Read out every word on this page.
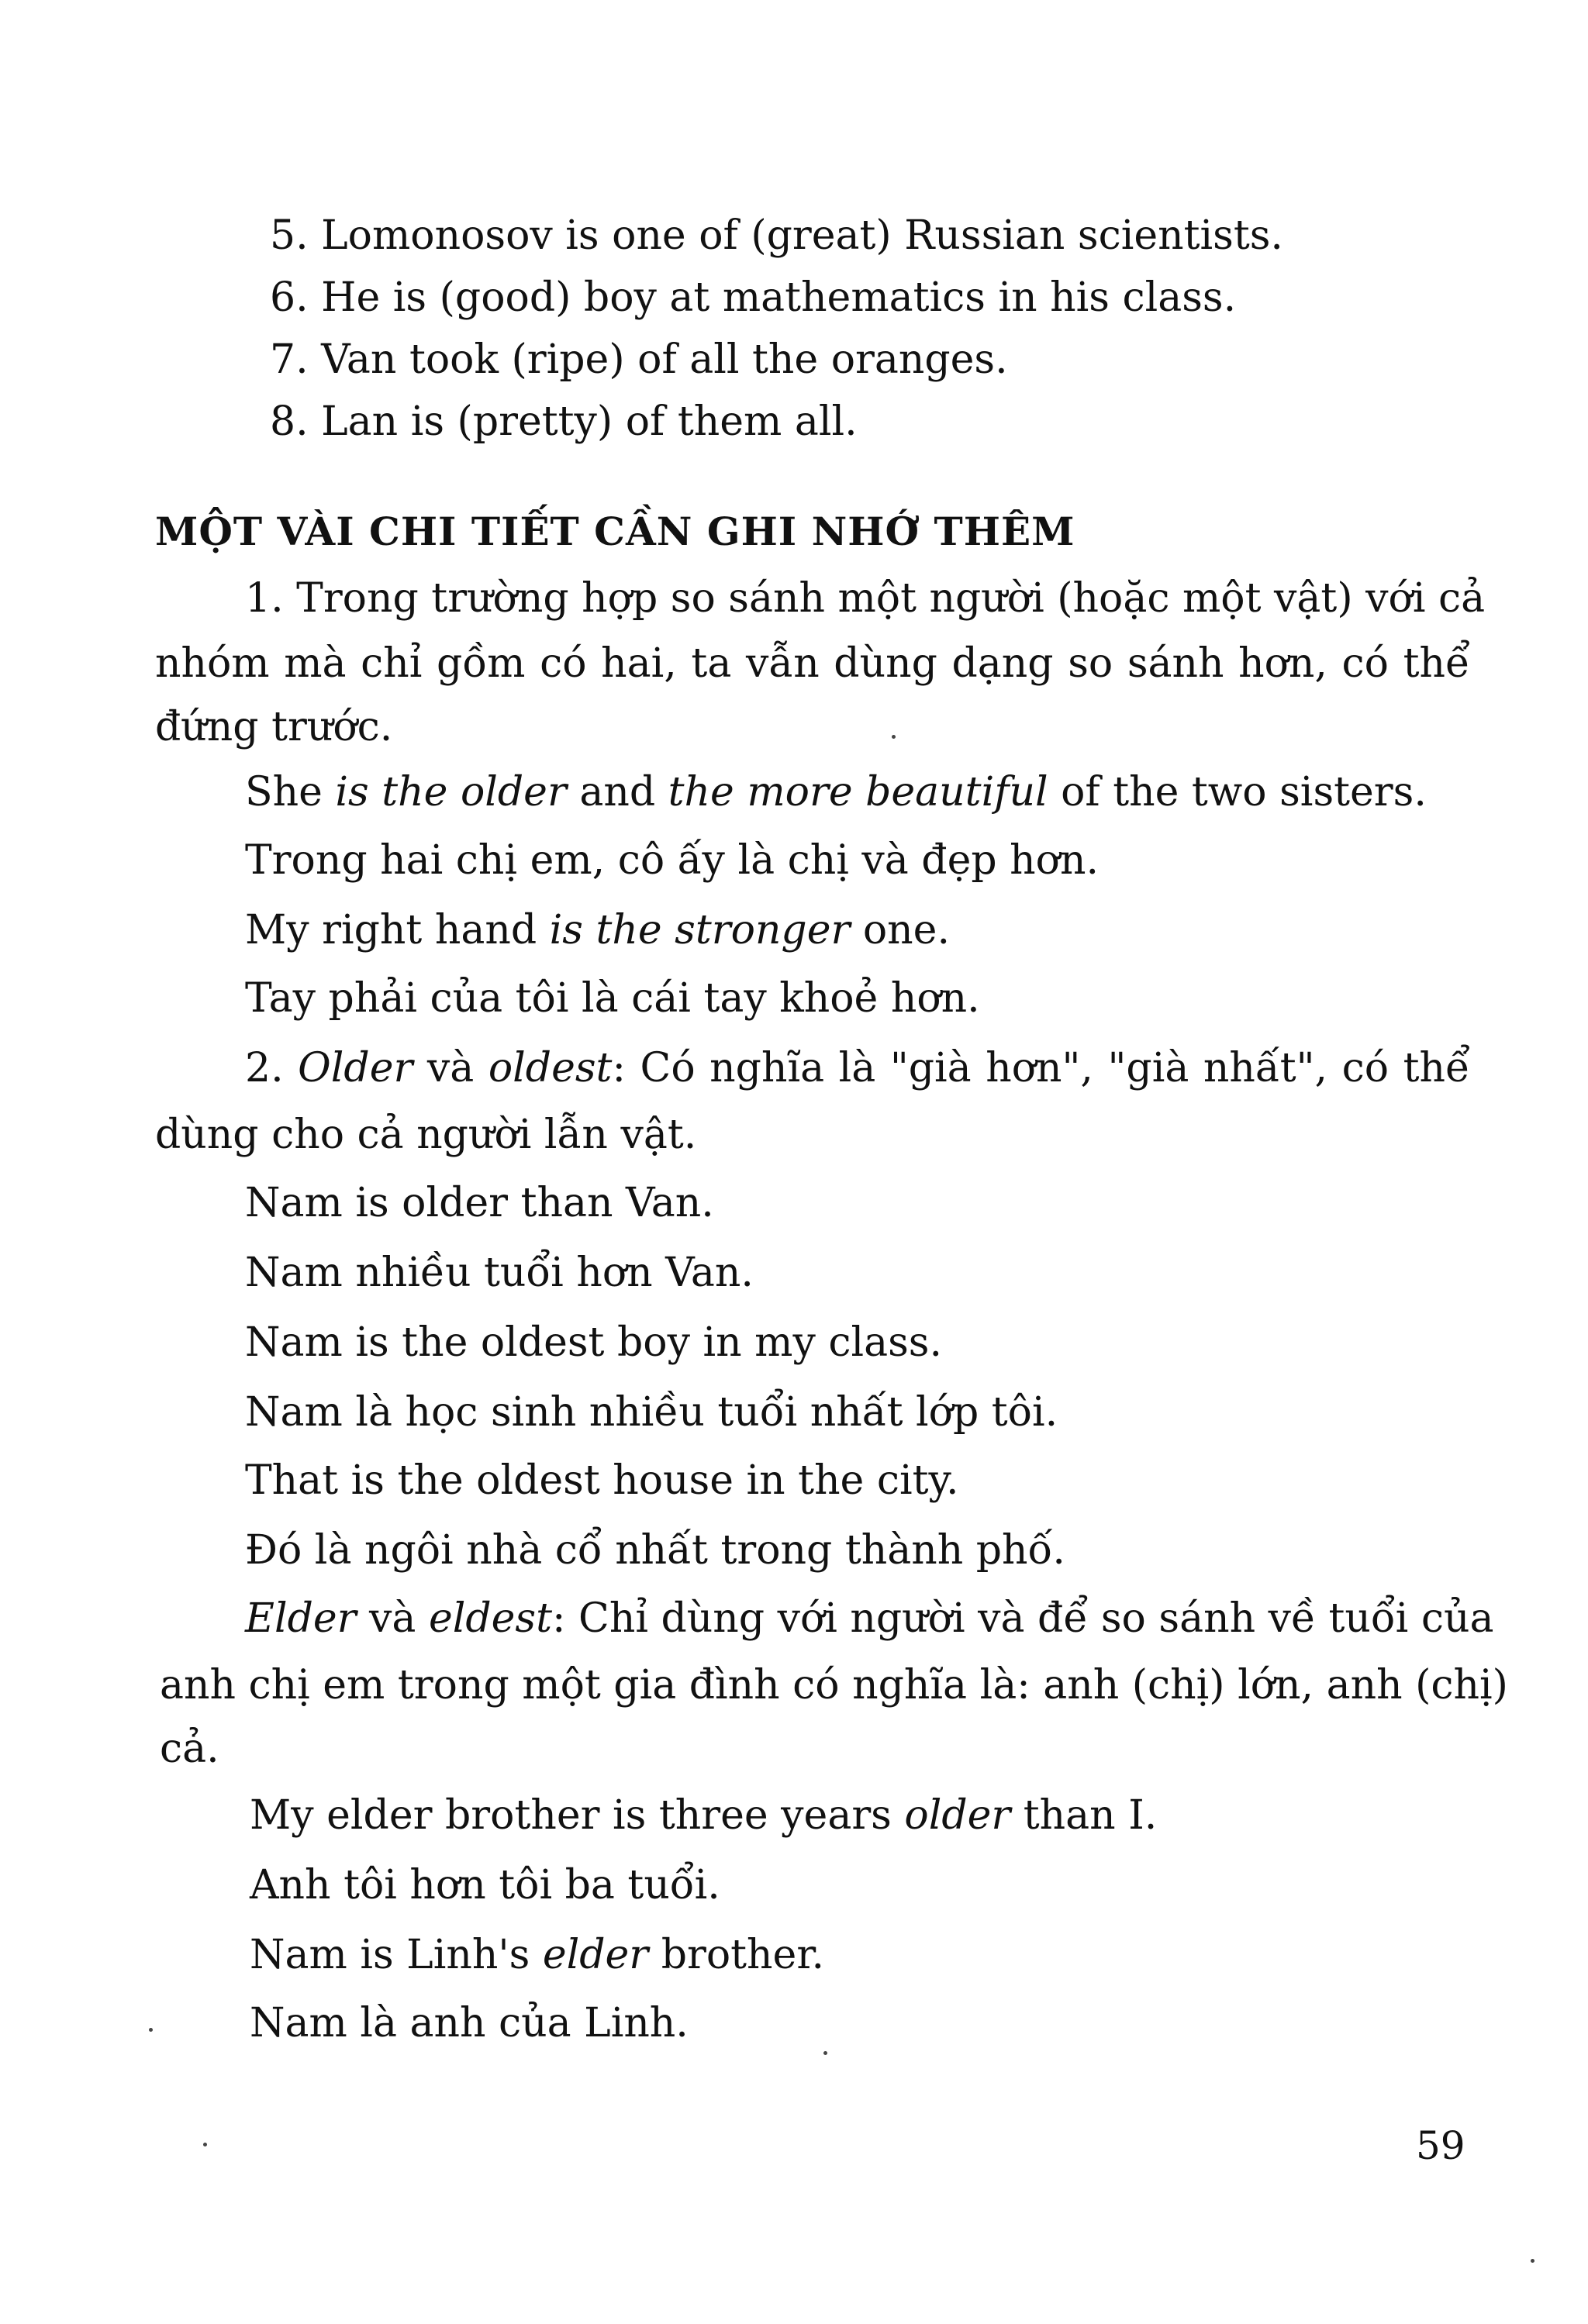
5. Lomonosov is one of (great) Russian scientists.
6. He is (good) boy at mathematics in his class.
7. Van took (ripe) of all the oranges.
8. Lan is (pretty) of them all.
MỘT VÀI CHI TIẾT CẦN GHI NHỚ THÊM
1. Trong trường hợp so sánh một người (hoặc một vật) với cả
nhóm mà chỉ gồm có hai, ta vẫn dùng dạng so sánh hơn, có thể
đứng trước.
She is the older and the more beautiful of the two sisters.
Trong hai chị em, cô ấy là chị và đẹp hơn.
My right hand is the stronger one.
Tay phải của tôi là cái tay khoẻ hơn.
2. Older và oldest: Có nghĩa là "già hơn", "già nhất", có thể
dùng cho cả người lẫn vật.
Nam is older than Van.
Nam nhiều tuổi hơn Van.
Nam is the oldest boy in my class.
Nam là học sinh nhiều tuổi nhất lớp tôi.
That is the oldest house in the city.
Đó là ngôi nhà cổ nhất trong thành phố.
Elder và eldest: Chỉ dùng với người và để so sánh về tuổi của
anh chị em trong một gia đình có nghĩa là: anh (chị) lớn, anh (chị)
cả.
My elder brother is three years older than I.
Anh tôi hơn tôi ba tuổi.
Nam is Linh's elder brother.
Nam là anh của Linh.
59
